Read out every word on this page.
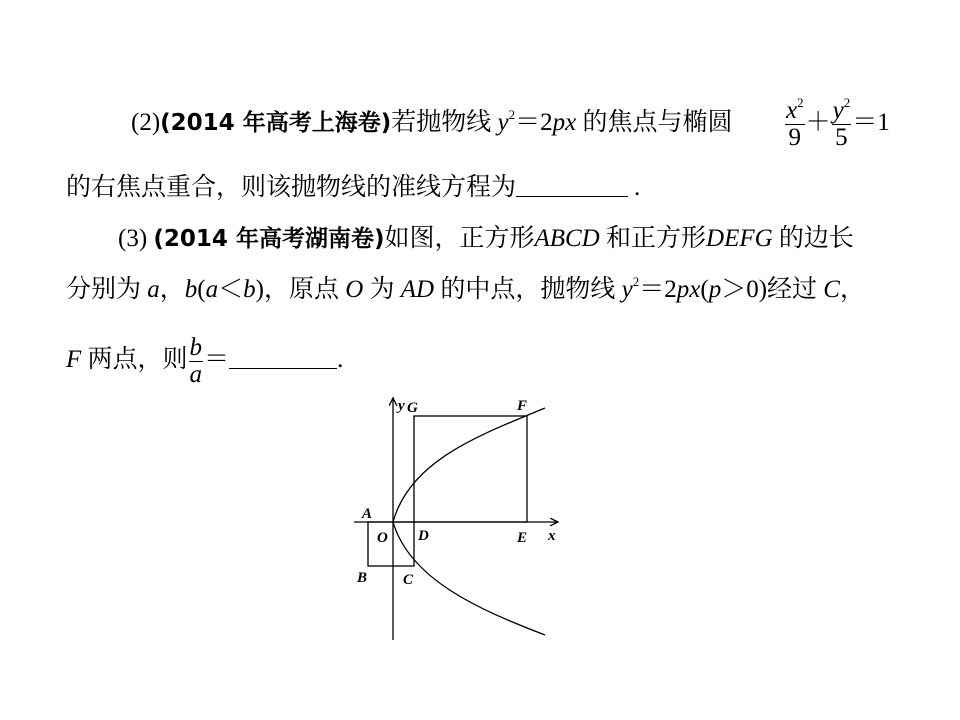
(2)(2014 年高考上海卷)若抛物线 $y^2=2px$ 的焦点与椭圆 $\frac{x^2}{9} + \frac{y^2}{5} =1$
的右焦点重合，则该抛物线的准线方程为	.
(3) (2014 年高考湖南卷)如图，正方形ABCD 和正方形DEFG 的边长
分别为 a，b(a＜b)，原点 O 为 AD 的中点，抛物线 $y^2=2px(p>0)$经过 C，
F 两点，则 $\frac{b}{a}$ ＝	.
y G	F
A
O D	E x
B C
